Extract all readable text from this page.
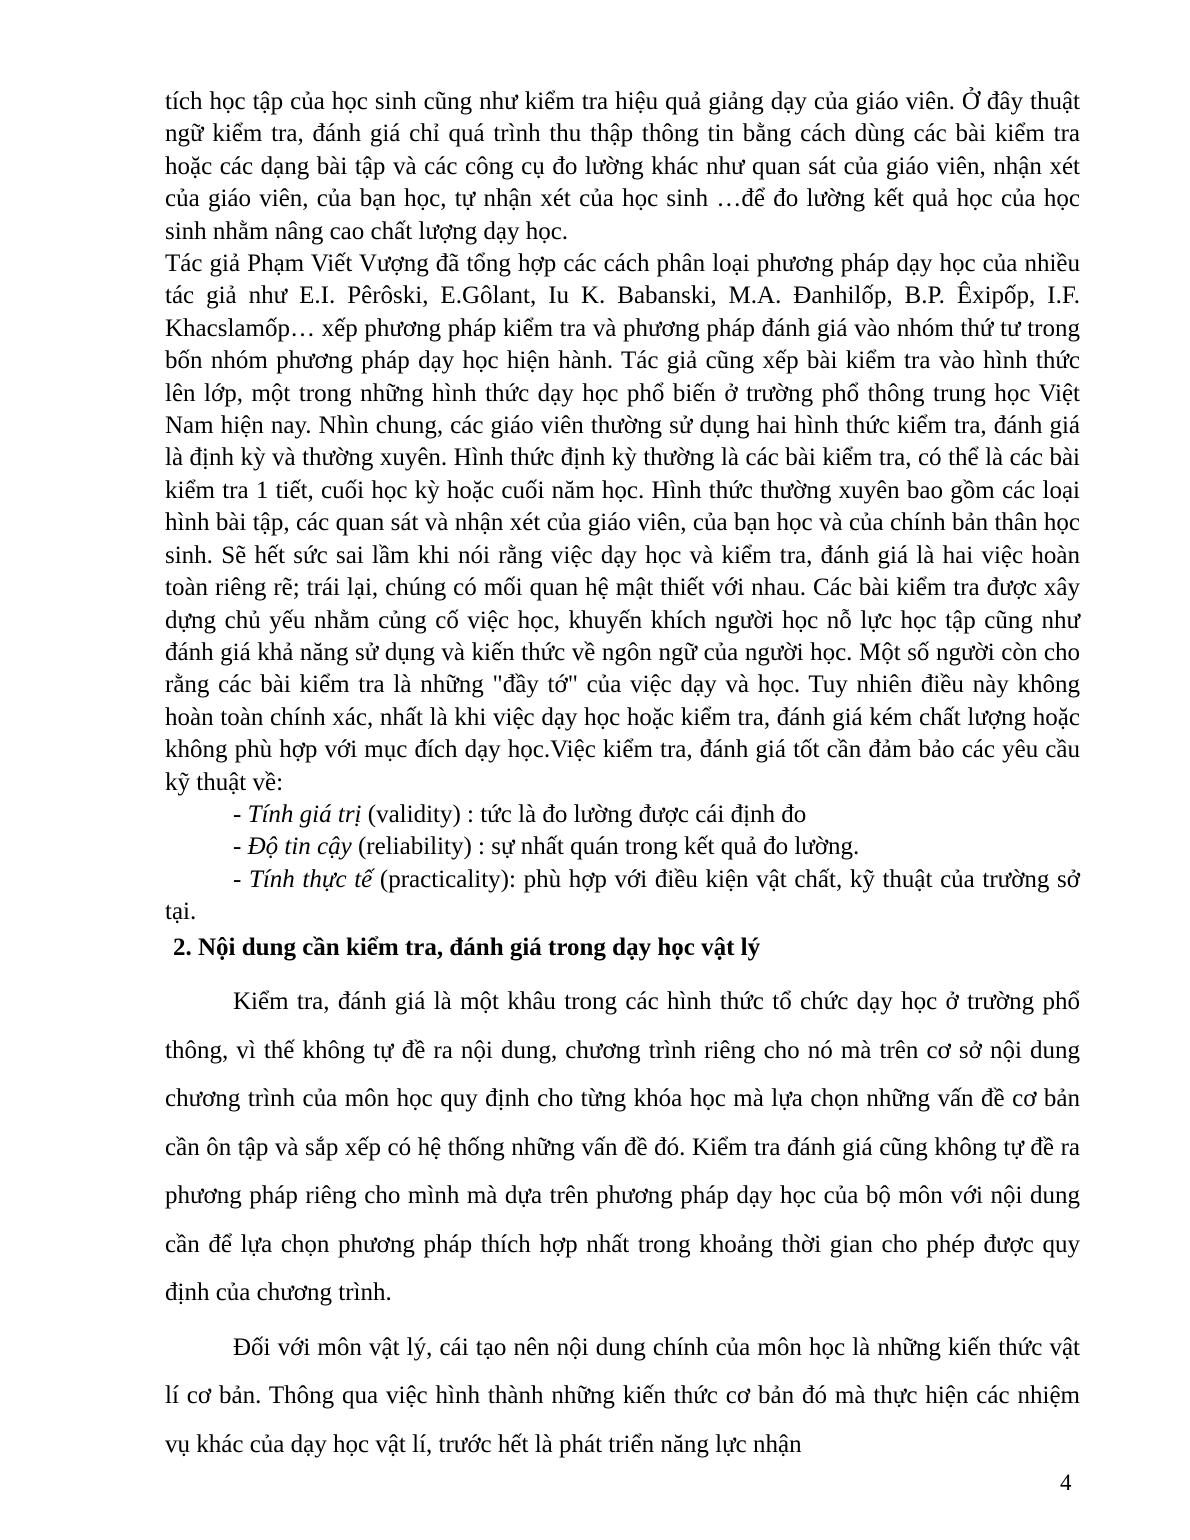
tích học tập của học sinh cũng như kiểm tra hiệu quả giảng dạy của giáo viên. Ở đây thuật ngữ kiểm tra, đánh giá chỉ quá trình thu thập thông tin bằng cách dùng các bài kiểm tra hoặc các dạng bài tập và các công cụ đo lường khác như quan sát của giáo viên, nhận xét của giáo viên, của bạn học, tự nhận xét của học sinh …để đo lường kết quả học của học sinh nhằm nâng cao chất lượng dạy học.

Tác giả Phạm Viết Vượng đã tổng hợp các cách phân loại phương pháp dạy học của nhiều tác giả như E.I. Pêrôski, E.Gôlant, Iu K. Babanski, M.A. Đanhilốp, B.P. Êxipốp, I.F. Khacslamốp… xếp phương pháp kiểm tra và phương pháp đánh giá vào nhóm thứ tư trong bốn nhóm phương pháp dạy học hiện hành. Tác giả cũng xếp bài kiểm tra vào hình thức lên lớp, một trong những hình thức dạy học phổ biến ở trường phổ thông trung học Việt Nam hiện nay. Nhìn chung, các giáo viên thường sử dụng hai hình thức kiểm tra, đánh giá là định kỳ và thường xuyên. Hình thức định kỳ thường là các bài kiểm tra, có thể là các bài kiểm tra 1 tiết, cuối học kỳ hoặc cuối năm học. Hình thức thường xuyên bao gồm các loại hình bài tập, các quan sát và nhận xét của giáo viên, của bạn học và của chính bản thân học sinh. Sẽ hết sức sai lầm khi nói rằng việc dạy học và kiểm tra, đánh giá là hai việc hoàn toàn riêng rẽ; trái lại, chúng có mối quan hệ mật thiết với nhau. Các bài kiểm tra được xây dựng chủ yếu nhằm củng cố việc học, khuyến khích người học nỗ lực học tập cũng như đánh giá khả năng sử dụng và kiến thức về ngôn ngữ của người học. Một số người còn cho rằng các bài kiểm tra là những "đầy tớ" của việc dạy và học. Tuy nhiên điều này không hoàn toàn chính xác, nhất là khi việc dạy học hoặc kiểm tra, đánh giá kém chất lượng hoặc không phù hợp với mục đích dạy học.Việc kiểm tra, đánh giá tốt cần đảm bảo các yêu cầu kỹ thuật về:

- Tính giá trị (validity) : tức là đo lường được cái định đo

- Độ tin cậy (reliability) : sự nhất quán trong kết quả đo lường.

- Tính thực tế (practicality): phù hợp với điều kiện vật chất, kỹ thuật của trường sở tại.

2. Nội dung cần kiểm tra, đánh giá trong dạy học vật lý

Kiểm tra, đánh giá là một khâu trong các hình thức tổ chức dạy học ở trường phổ thông, vì thế không tự đề ra nội dung, chương trình riêng cho nó mà trên cơ sở nội dung chương trình của môn học quy định cho từng khóa học mà lựa chọn những vấn đề cơ bản cần ôn tập và sắp xếp có hệ thống những vấn đề đó. Kiểm tra đánh giá cũng không tự đề ra phương pháp riêng cho mình mà dựa trên phương pháp dạy học của bộ môn với nội dung cần để lựa chọn phương pháp thích hợp nhất trong khoảng thời gian cho phép được quy định của chương trình.

Đối với môn vật lý, cái tạo nên nội dung chính của môn học là những kiến thức vật lí cơ bản. Thông qua việc hình thành những kiến thức cơ bản đó mà thực hiện các nhiệm vụ khác của dạy học vật lí, trước hết là phát triển năng lực nhận

4
